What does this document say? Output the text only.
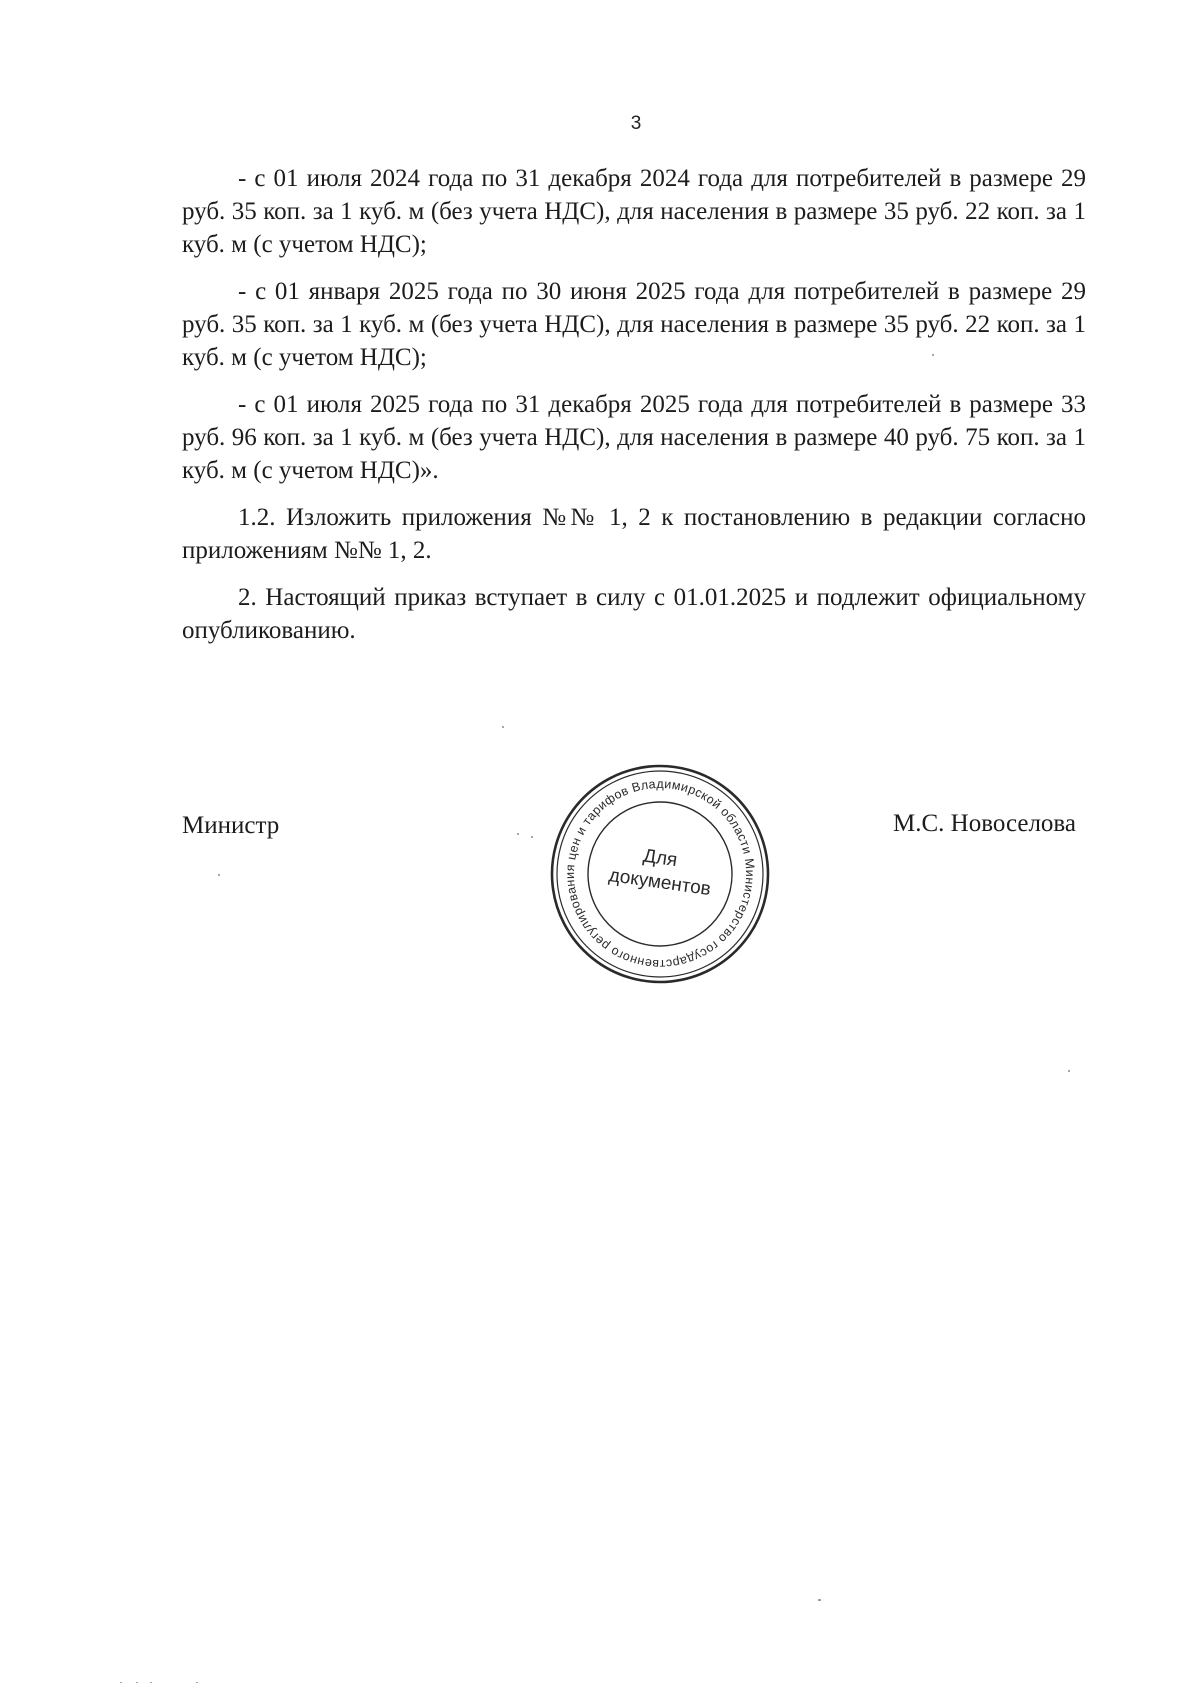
3

- с 01 июля 2024 года по 31 декабря 2024 года для потребителей в размере 29 руб. 35 коп. за 1 куб. м (без учета НДС), для населения в размере 35 руб. 22 коп. за 1 куб. м (с учетом НДС);

- с 01 января 2025 года по 30 июня 2025 года для потребителей в размере 29 руб. 35 коп. за 1 куб. м (без учета НДС), для населения в размере 35 руб. 22 коп. за 1 куб. м (с учетом НДС);

- с 01 июля 2025 года по 31 декабря 2025 года для потребителей в размере 33 руб. 96 коп. за 1 куб. м (без учета НДС), для населения в размере 40 руб. 75 коп. за 1 куб. м (с учетом НДС)».

1.2. Изложить приложения №№ 1, 2 к постановлению в редакции согласно приложениям №№ 1, 2.

2. Настоящий приказ вступает в силу с 01.01.2025 и подлежит официальному опубликованию.

Министр	М.С. Новоселова
Министерство государственного регулирования цен и тарифов Владимирской области
Для
документов
